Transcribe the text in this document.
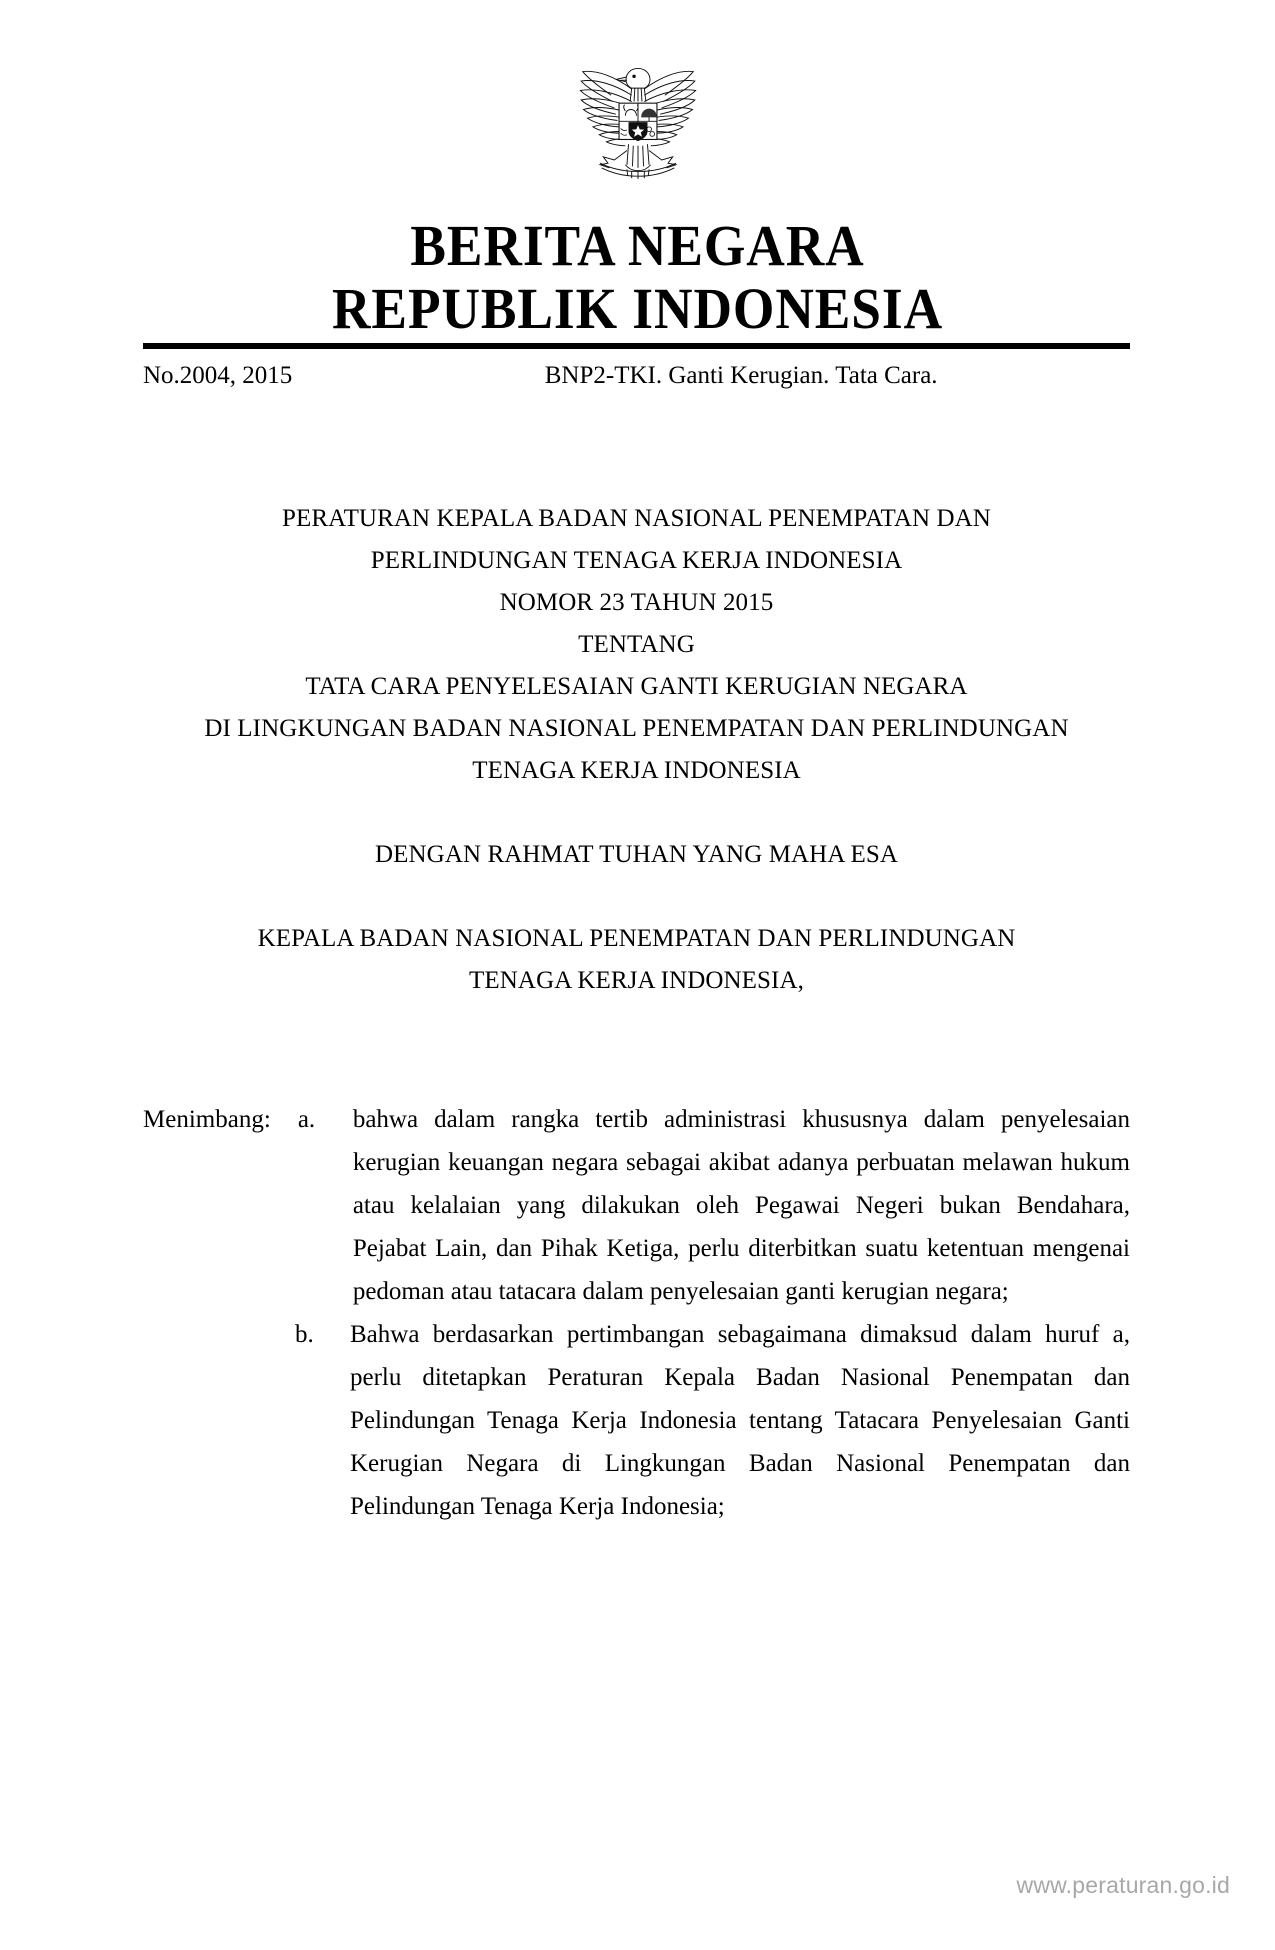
BERITA NEGARA
REPUBLIK INDONESIA
No.2004, 2015	BNP2-TKI. Ganti Kerugian. Tata Cara.
PERATURAN KEPALA BADAN NASIONAL PENEMPATAN DAN
PERLINDUNGAN TENAGA KERJA INDONESIA
NOMOR 23 TAHUN 2015
TENTANG
TATA CARA PENYELESAIAN GANTI KERUGIAN NEGARA
DI LINGKUNGAN BADAN NASIONAL PENEMPATAN DAN PERLINDUNGAN
TENAGA KERJA INDONESIA
DENGAN RAHMAT TUHAN YANG MAHA ESA
KEPALA BADAN NASIONAL PENEMPATAN DAN PERLINDUNGAN
TENAGA KERJA INDONESIA,
Menimbang :	a.	bahwa dalam rangka tertib administrasi khususnya dalam penyelesaian kerugian keuangan negara sebagai akibat adanya perbuatan melawan hukum atau kelalaian yang dilakukan oleh Pegawai Negeri bukan Bendahara, Pejabat Lain, dan Pihak Ketiga, perlu diterbitkan suatu ketentuan mengenai pedoman atau tatacara dalam penyelesaian ganti kerugian negara;
b.	Bahwa berdasarkan pertimbangan sebagaimana dimaksud dalam huruf a, perlu ditetapkan Peraturan Kepala Badan Nasional Penempatan dan Pelindungan Tenaga Kerja Indonesia tentang Tatacara Penyelesaian Ganti Kerugian Negara di Lingkungan Badan Nasional Penempatan dan Pelindungan Tenaga Kerja Indonesia;
www.peraturan.go.id
